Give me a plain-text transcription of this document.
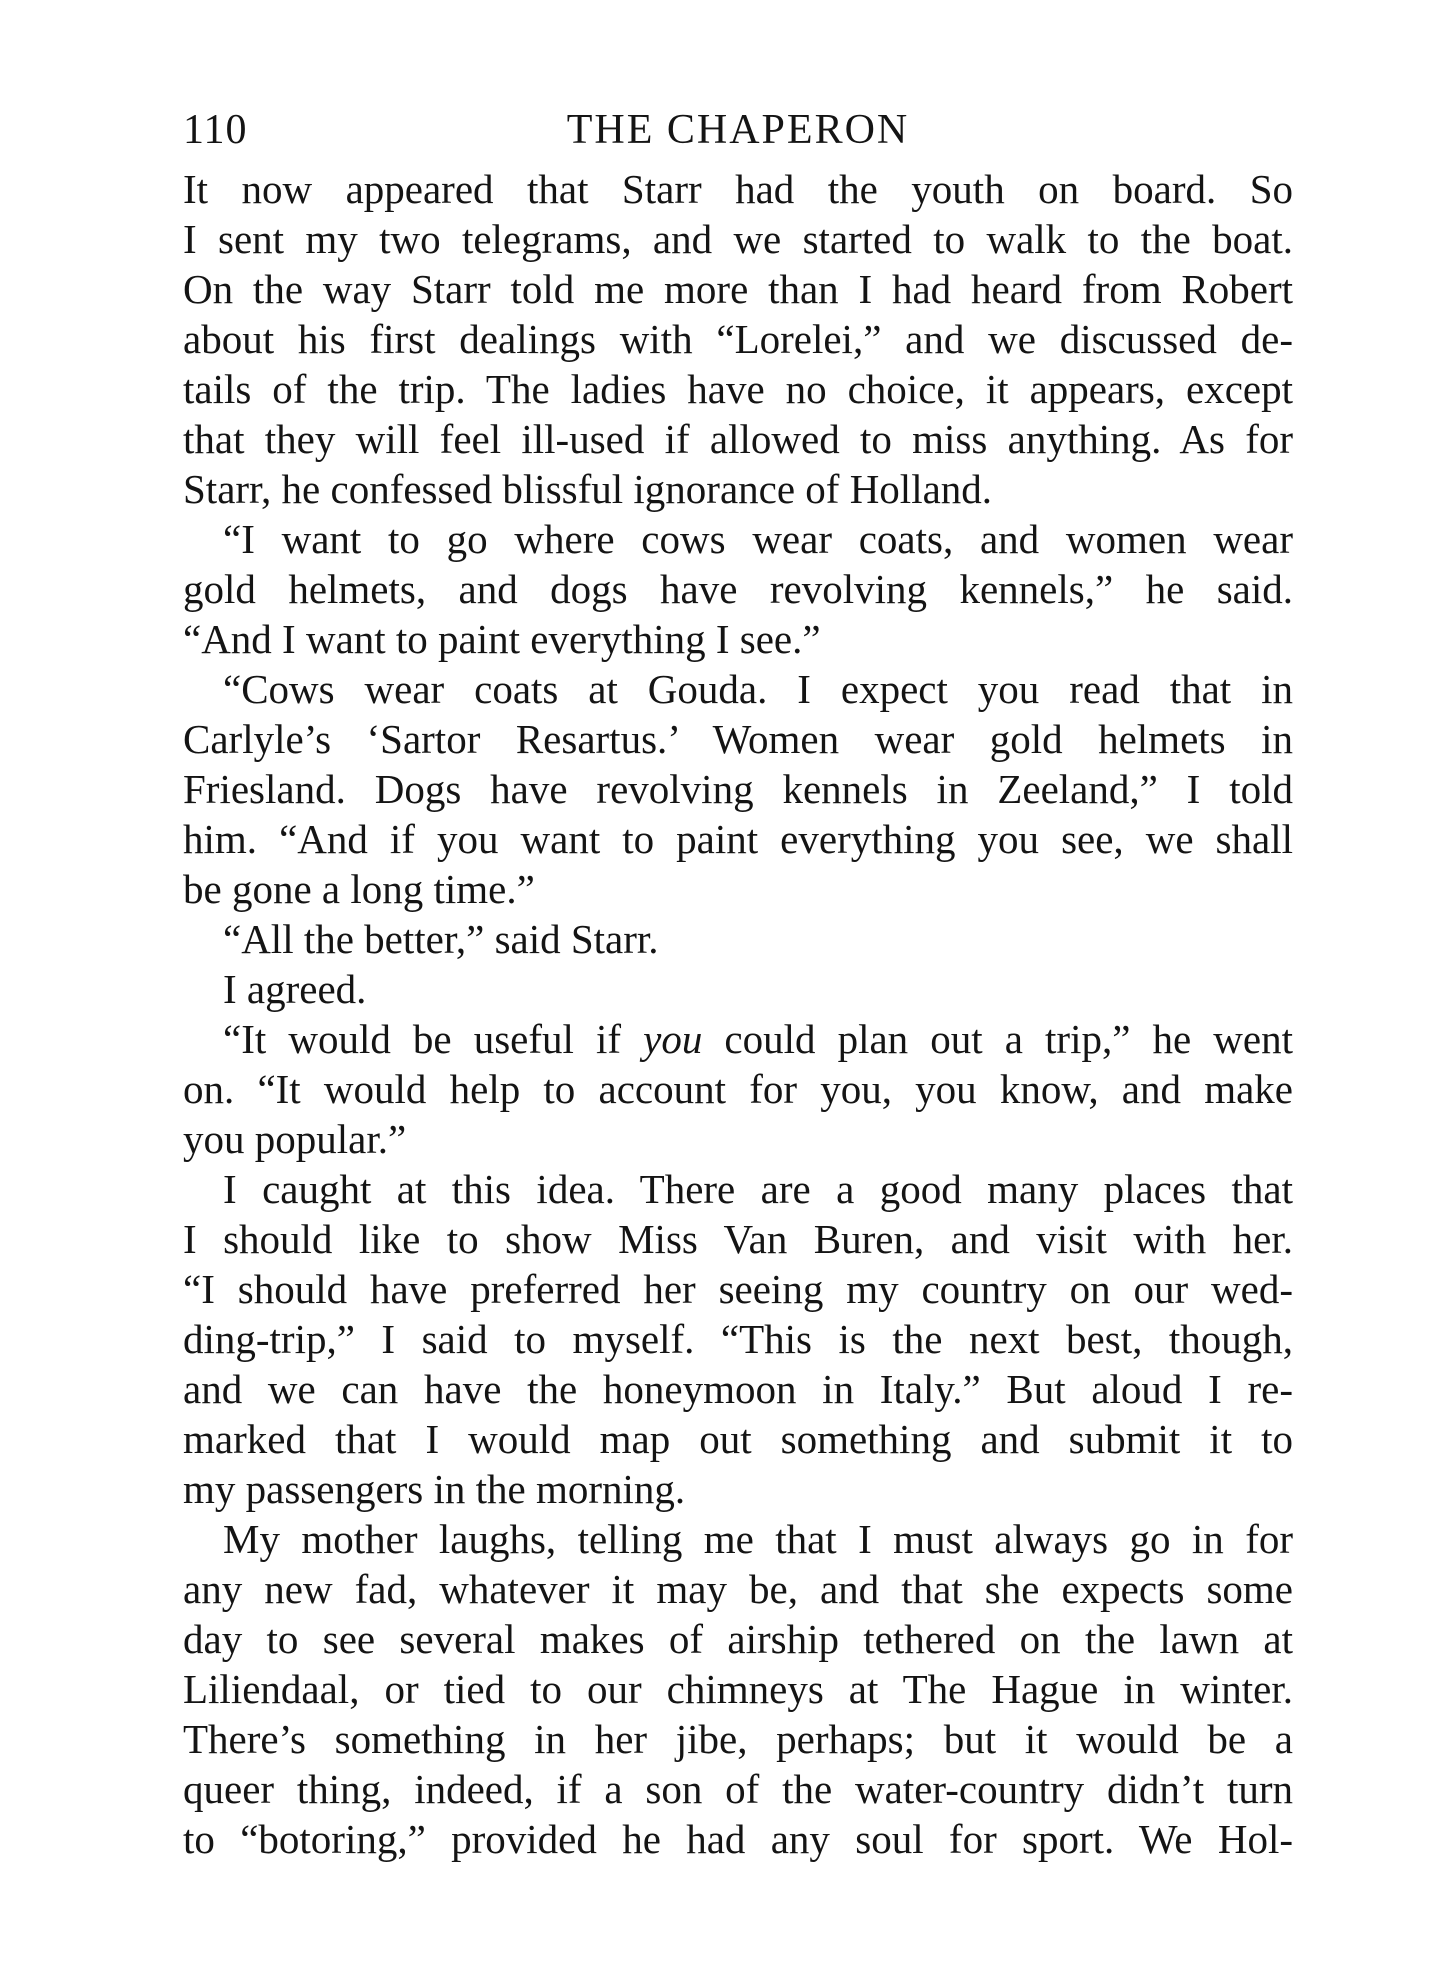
110	THE CHAPERON
It now appeared that Starr had the youth on board. So
I sent my two telegrams, and we started to walk to the boat.
On the way Starr told me more than I had heard from Robert
about his first dealings with “Lorelei,” and we discussed de-
tails of the trip. The ladies have no choice, it appears, except
that they will feel ill-used if allowed to miss anything. As for
Starr, he confessed blissful ignorance of Holland.
“I want to go where cows wear coats, and women wear
gold helmets, and dogs have revolving kennels,” he said.
“And I want to paint everything I see.”
“Cows wear coats at Gouda. I expect you read that in
Carlyle’s ‘Sartor Resartus.’ Women wear gold helmets in
Friesland. Dogs have revolving kennels in Zeeland,” I told
him. “And if you want to paint everything you see, we shall
be gone a long time.”
“All the better,” said Starr.
I agreed.
“It would be useful if you could plan out a trip,” he went
on. “It would help to account for you, you know, and make
you popular.”
I caught at this idea. There are a good many places that
I should like to show Miss Van Buren, and visit with her.
“I should have preferred her seeing my country on our wed-
ding-trip,” I said to myself. “This is the next best, though,
and we can have the honeymoon in Italy.” But aloud I re-
marked that I would map out something and submit it to
my passengers in the morning.
My mother laughs, telling me that I must always go in for
any new fad, whatever it may be, and that she expects some
day to see several makes of airship tethered on the lawn at
Liliendaal, or tied to our chimneys at The Hague in winter.
There’s something in her jibe, perhaps; but it would be a
queer thing, indeed, if a son of the water-country didn’t turn
to “botoring,” provided he had any soul for sport. We Hol-
